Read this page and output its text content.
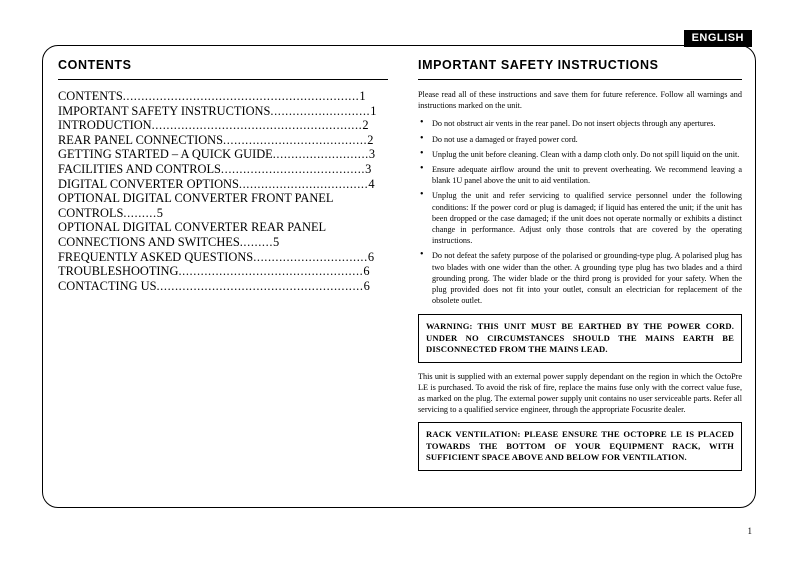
ENGLISH
CONTENTS
CONTENTS................................................................1
IMPORTANT SAFETY INSTRUCTIONS...........................1
INTRODUCTION.........................................................2
REAR PANEL CONNECTIONS.......................................2
GETTING STARTED – A QUICK GUIDE..........................3
FACILITIES AND CONTROLS.......................................3
DIGITAL CONVERTER OPTIONS...................................4
OPTIONAL DIGITAL CONVERTER FRONT PANEL CONTROLS.........5
OPTIONAL DIGITAL CONVERTER REAR PANEL CONNECTIONS AND SWITCHES.........5
FREQUENTLY ASKED QUESTIONS...............................6
TROUBLESHOOTING..................................................6
CONTACTING US........................................................6
IMPORTANT SAFETY INSTRUCTIONS

Please read all of these instructions and save them for future reference. Follow all warnings and instructions marked on the unit.

• Do not obstruct air vents in the rear panel. Do not insert objects through any apertures.
• Do not use a damaged or frayed power cord.
• Unplug the unit before cleaning. Clean with a damp cloth only. Do not spill liquid on the unit.
• Ensure adequate airflow around the unit to prevent overheating. We recommend leaving a blank 1U panel above the unit to aid ventilation.
• Unplug the unit and refer servicing to qualified service personnel under the following conditions: If the power cord or plug is damaged; if liquid has entered the unit; if the unit has been dropped or the case damaged; if the unit does not operate normally or exhibits a distinct change in performance. Adjust only those controls that are covered by the operating instructions.
• Do not defeat the safety purpose of the polarised or grounding-type plug. A polarised plug has two blades with one wider than the other. A grounding type plug has two blades and a third grounding prong. The wider blade or the third prong is provided for your safety. When the plug provided does not fit into your outlet, consult an electrician for replacement of the obsolete outlet.
WARNING: THIS UNIT MUST BE EARTHED BY THE POWER CORD. UNDER NO CIRCUMSTANCES SHOULD THE MAINS EARTH BE DISCONNECTED FROM THE MAINS LEAD.

This unit is supplied with an external power supply dependant on the region in which the OctoPre LE is purchased. To avoid the risk of fire, replace the mains fuse only with the correct value fuse, as marked on the plug. The external power supply unit contains no user serviceable parts. Refer all servicing to a qualified service engineer, through the appropriate Focusrite dealer.

RACK VENTILATION: PLEASE ENSURE THE OCTOPRE LE IS PLACED TOWARDS THE BOTTOM OF YOUR EQUIPMENT RACK, WITH SUFFICIENT SPACE ABOVE AND BELOW FOR VENTILATION.
1
